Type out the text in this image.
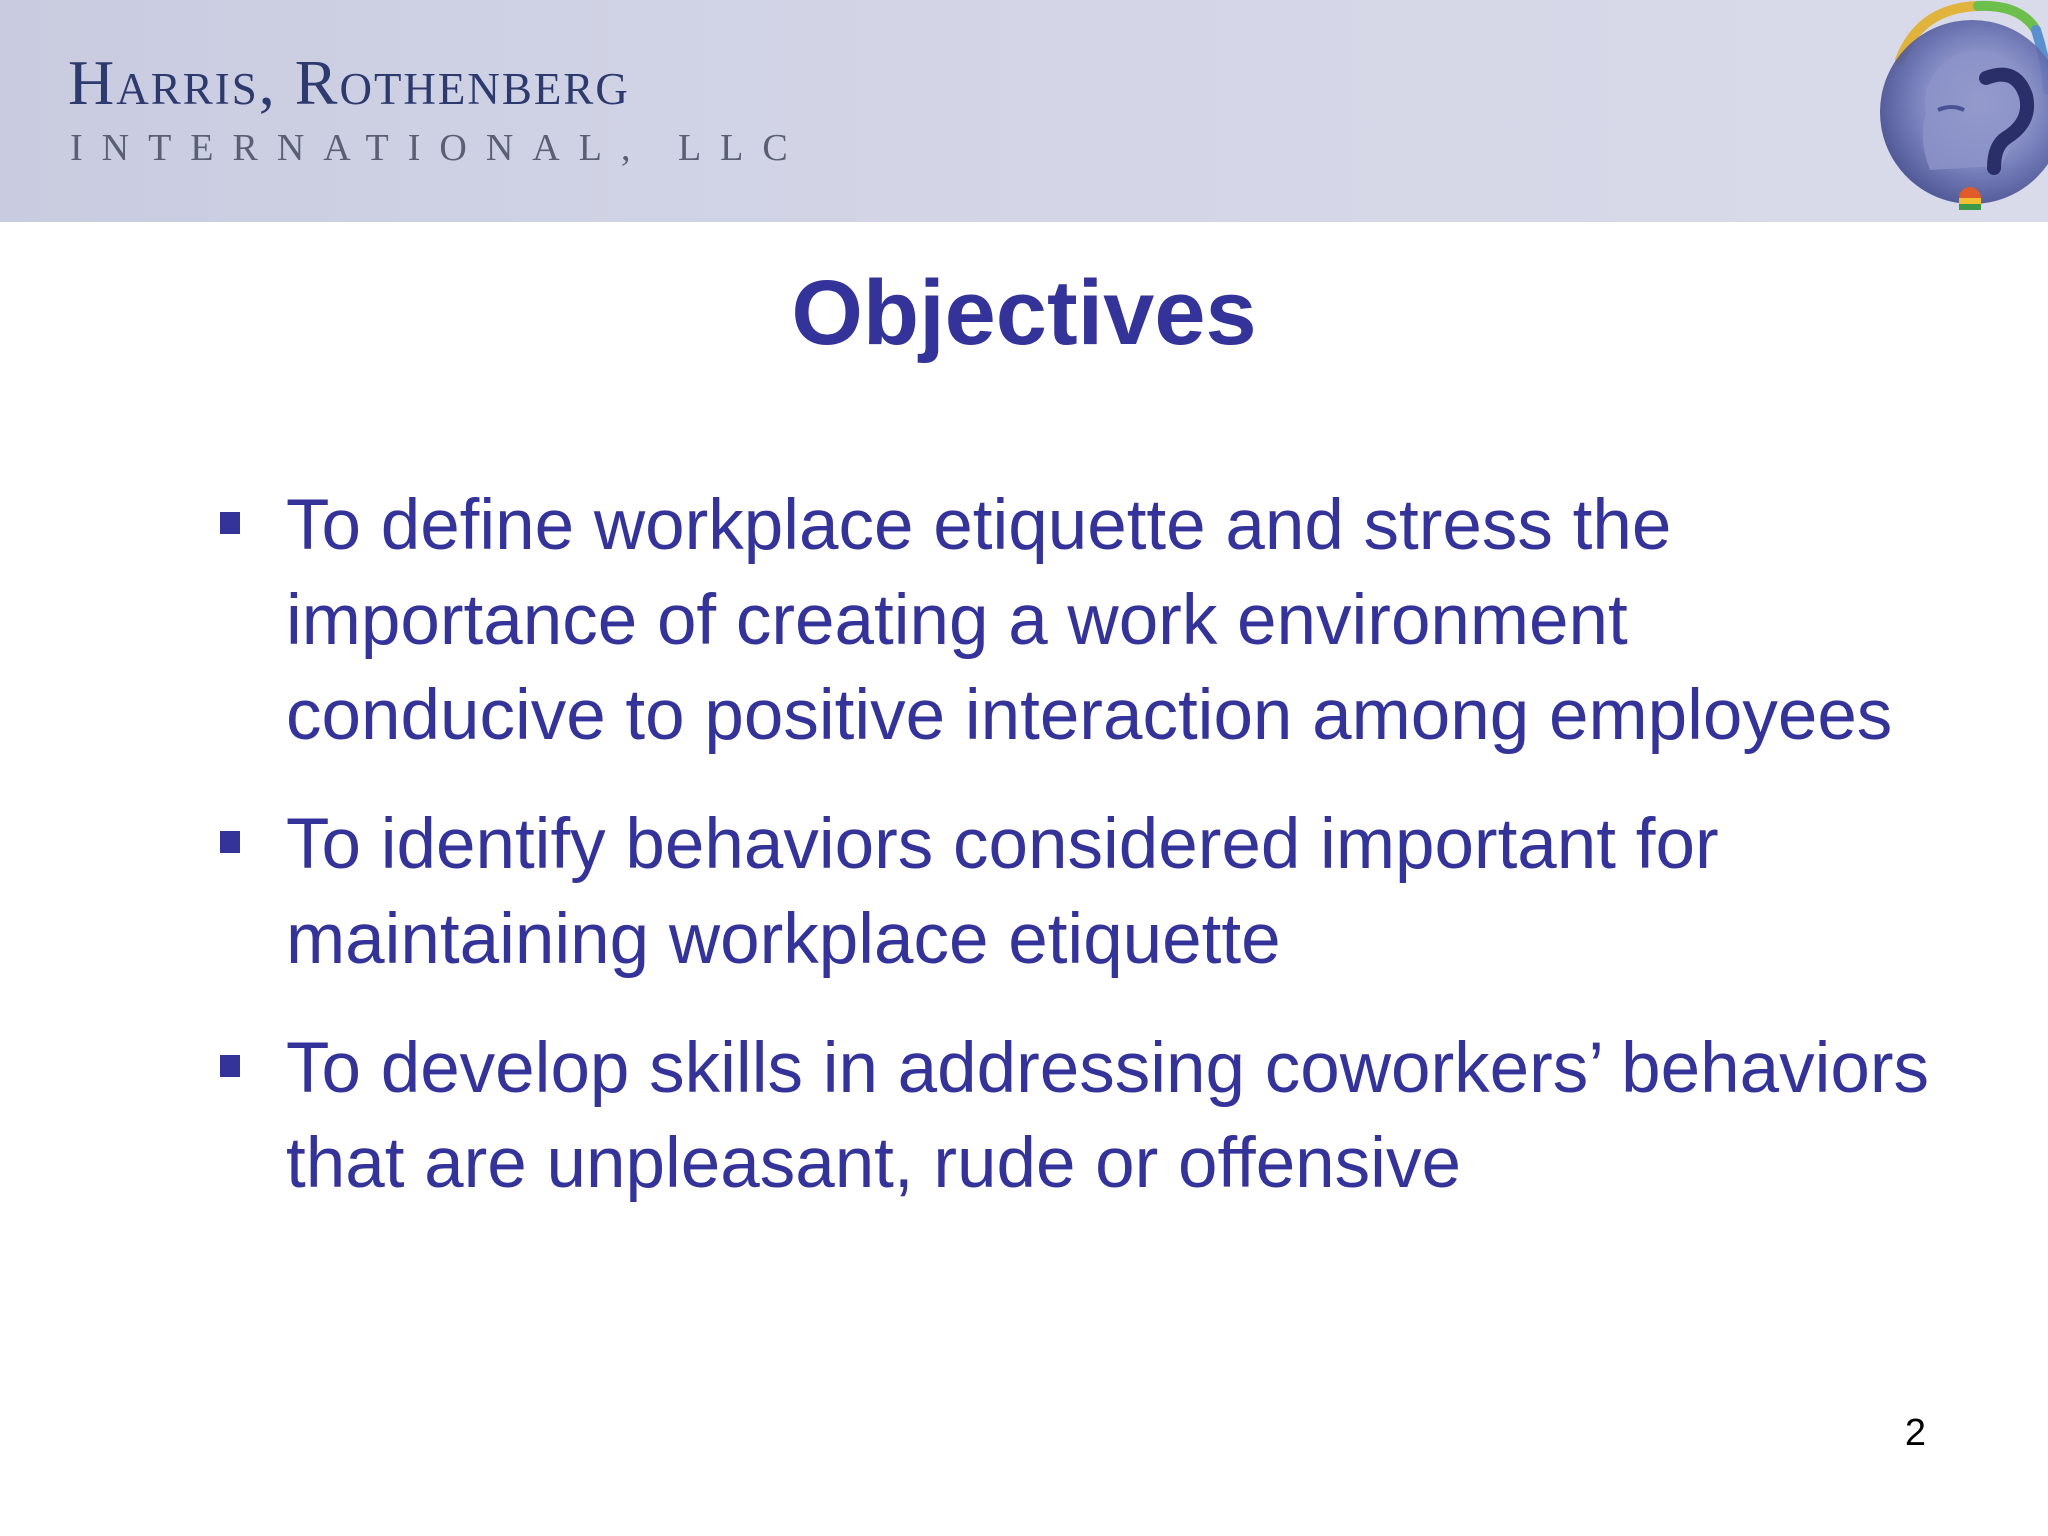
Harris, Rothenberg
INTERNATIONAL, LLC
Objectives
To define workplace etiquette and stress the importance of creating a work environment conducive to positive interaction among employees
To identify behaviors considered important for maintaining workplace etiquette
To develop skills in addressing coworkers’ behaviors that are unpleasant, rude or offensive
2
